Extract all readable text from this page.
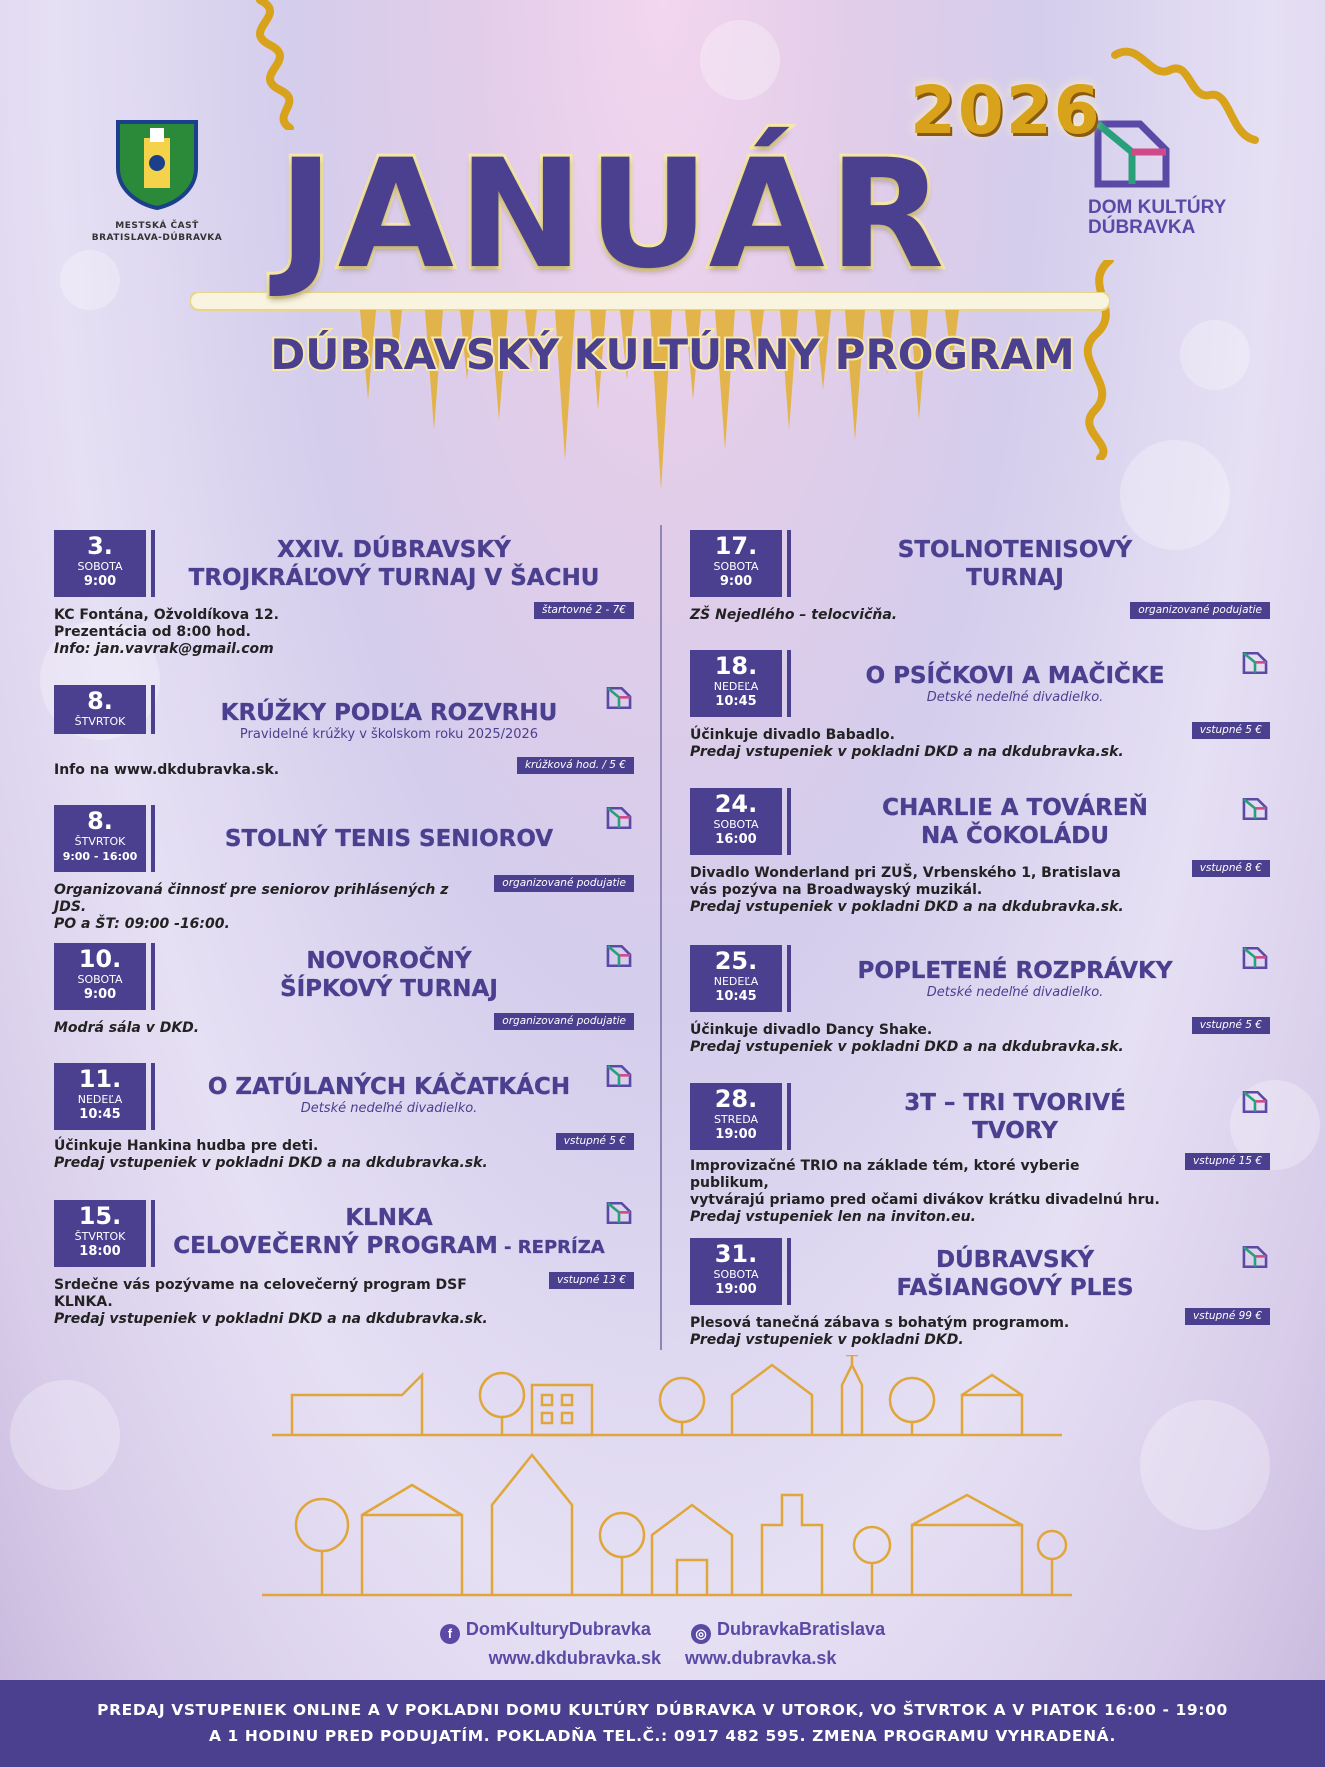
MESTSKÁ ČASŤ
BRATISLAVA-DÚBRAVKA
DOM KULTÚRY
DÚBRAVKA
2026
JANUÁR
DÚBRAVSKÝ KULTÚRNY PROGRAM
3.
SOBOTA
9:00
XXIV. DÚBRAVSKÝ
TROJKRÁĽOVÝ TURNAJ V ŠACHU
štartovné 2 - 7€
KC Fontána, Ožvoldíkova 12.
Prezentácia od 8:00 hod.
Info: jan.vavrak@gmail.com
8.
ŠTVRTOK	KRÚŽKY PODĽA ROZVRHU
Pravidelné krúžky v školskom roku 2025/2026
krúžková hod. / 5 €
Info na www.dkdubravka.sk.
8.
ŠTVRTOK
9:00 - 16:00
STOLNÝ TENIS SENIOROV
organizované podujatie
Organizovaná činnosť pre seniorov prihlásených z JDS.
PO a ŠT: 09:00 -16:00.
10.
SOBOTA
9:00
NOVOROČNÝ
ŠÍPKOVÝ TURNAJ
organizované podujatie
Modrá sála v DKD.
11.
NEDEĽA
10:45
O ZATÚLANÝCH KÁČATKÁCH
Detské nedeľné divadielko.
vstupné 5 €
Účinkuje Hankina hudba pre deti.
Predaj vstupeniek v pokladni DKD a na dkdubravka.sk.
15.
ŠTVRTOK
18:00
KLNKA
CELOVEČERNÝ PROGRAM - REPRÍZA
vstupné 13 €
Srdečne vás pozývame na celovečerný program DSF KLNKA.
Predaj vstupeniek v pokladni DKD a na dkdubravka.sk.
17.
SOBOTA
9:00
STOLNOTENISOVÝ
TURNAJ
organizované podujatie
ZŠ Nejedlého – telocvičňa.
18.
NEDEĽA
10:45
O PSÍČKOVI A MAČIČKE
Detské nedeľné divadielko.
vstupné 5 €
Účinkuje divadlo Babadlo.
Predaj vstupeniek v pokladni DKD a na dkdubravka.sk.
24.
SOBOTA
16:00
CHARLIE A TOVÁREŇ
NA ČOKOLÁDU
vstupné 8 €
Divadlo Wonderland pri ZUŠ, Vrbenského 1, Bratislava
vás pozýva na Broadwayský muzikál.
Predaj vstupeniek v pokladni DKD a na dkdubravka.sk.
25.
NEDEĽA
10:45
POPLETENÉ ROZPRÁVKY
Detské nedeľné divadielko.
vstupné 5 €
Účinkuje divadlo Dancy Shake.
Predaj vstupeniek v pokladni DKD a na dkdubravka.sk.
28.
STREDA
19:00
3T – TRI TVORIVÉ
TVORY
vstupné 15 €
Improvizačné TRIO na základe tém, ktoré vyberie publikum,
vytvárajú priamo pred očami divákov krátku divadelnú hru.
Predaj vstupeniek len na inviton.eu.
31.
SOBOTA
19:00
DÚBRAVSKÝ
FAŠIANGOVÝ PLES
vstupné 99 €
Plesová tanečná zábava s bohatým programom.
Predaj vstupeniek v pokladni DKD.
f DomKulturyDubravka	◎ DubravkaBratislava
www.dkdubravka.sk www.dubravka.sk
PREDAJ VSTUPENIEK ONLINE A V POKLADNI DOMU KULTÚRY DÚBRAVKA V UTOROK, VO ŠTVRTOK A V PIATOK 16:00 - 19:00
A 1 HODINU PRED PODUJATÍM. POKLADŇA TEL.Č.: 0917 482 595. ZMENA PROGRAMU VYHRADENÁ.
